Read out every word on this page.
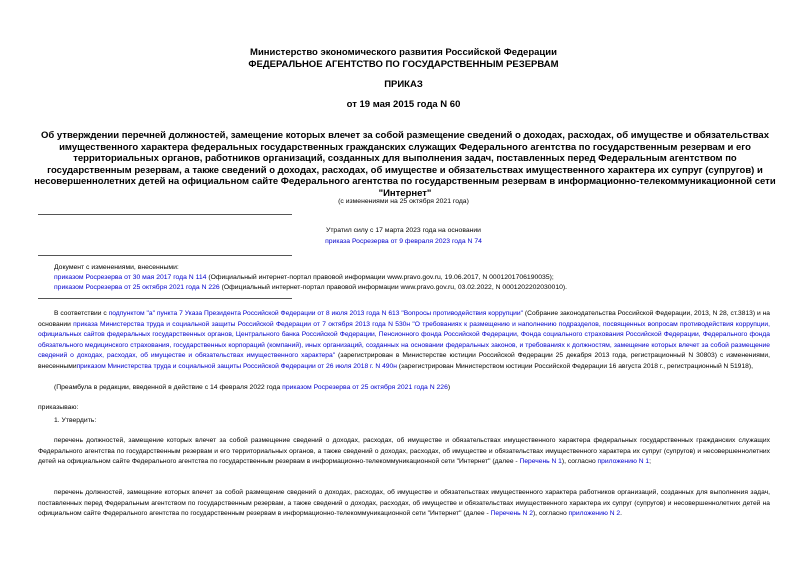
Министерство экономического развития Российской Федерации
ФЕДЕРАЛЬНОЕ АГЕНТСТВО ПО ГОСУДАРСТВЕННЫМ РЕЗЕРВАМ
ПРИКАЗ
от 19 мая 2015 года N 60
Об утверждении перечней должностей, замещение которых влечет за собой размещение сведений о доходах, расходах, об имуществе и обязательствах имущественного характера федеральных государственных гражданских служащих Федерального агентства по государственным резервам и его территориальных органов, работников организаций, созданных для выполнения задач, поставленных перед Федеральным агентством по государственным резервам, а также сведений о доходах, расходах, об имуществе и обязательствах имущественного характера их супруг (супругов) и несовершеннолетних детей на официальном сайте Федерального агентства по государственным резервам в информационно-телекоммуникационной сети "Интернет"
(с изменениями на 25 октября 2021 года)
Утратил силу с 17 марта 2023 года на основании
приказа Росрезерва от 9 февраля 2023 года N 74
Документ с изменениями, внесенными:
приказом Росрезерва от 30 мая 2017 года N 114 (Официальный интернет-портал правовой информации www.pravo.gov.ru, 19.06.2017, N 0001201706190035);
приказом Росрезерва от 25 октября 2021 года N 226 (Официальный интернет-портал правовой информации www.pravo.gov.ru, 03.02.2022, N 0001202202030010).
В соответствии с подпунктом "а" пункта 7 Указа Президента Российской Федерации от 8 июля 2013 года N 613 "Вопросы противодействия коррупции" (Собрание законодательства Российской Федерации, 2013, N 28, ст.3813) и на основании приказа Министерства труда и социальной защиты Российской Федерации от 7 октября 2013 года N 530н "О требованиях к размещению и наполнению подразделов, посвященных вопросам противодействия коррупции, официальных сайтов федеральных государственных органов, Центрального банка Российской Федерации, Пенсионного фонда Российской Федерации, Фонда социального страхования Российской Федерации, Федерального фонда обязательного медицинского страхования, государственных корпораций (компаний), иных организаций, созданных на основании федеральных законов, и требованиях к должностям, замещение которых влечет за собой размещение сведений о доходах, расходах, об имуществе и обязательствах имущественного характера" (зарегистрирован в Министерстве юстиции Российской Федерации 25 декабря 2013 года, регистрационный N 30803) с изменениями, внесеннымиприказом Министерства труда и социальной защиты Российской Федерации от 26 июля 2018 г. N 490н (зарегистрирован Министерством юстиции Российской Федерации 16 августа 2018 г., регистрационный N 51918),
(Преамбула в редакции, введенной в действие с 14 февраля 2022 года приказом Росрезерва от 25 октября 2021 года N 226)
приказываю:
1. Утвердить:
перечень должностей, замещение которых влечет за собой размещение сведений о доходах, расходах, об имуществе и обязательствах имущественного характера федеральных государственных гражданских служащих Федерального агентства по государственным резервам и его территориальных органов, а также сведений о доходах, расходах, об имуществе и обязательствах имущественного характера их супруг (супругов) и несовершеннолетних детей на официальном сайте Федерального агентства по государственным резервам в информационно-телекоммуникационной сети "Интернет" (далее - Перечень N 1), согласно приложению N 1;
перечень должностей, замещение которых влечет за собой размещение сведений о доходах, расходах, об имуществе и обязательствах имущественного характера работников организаций, созданных для выполнения задач, поставленных перед Федеральным агентством по государственным резервам, а также сведений о доходах, расходах, об имуществе и обязательствах имущественного характера их супруг (супругов) и несовершеннолетних детей на официальном сайте Федерального агентства по государственным резервам в информационно-телекоммуникационной сети "Интернет" (далее - Перечень N 2), согласно приложению N 2.
